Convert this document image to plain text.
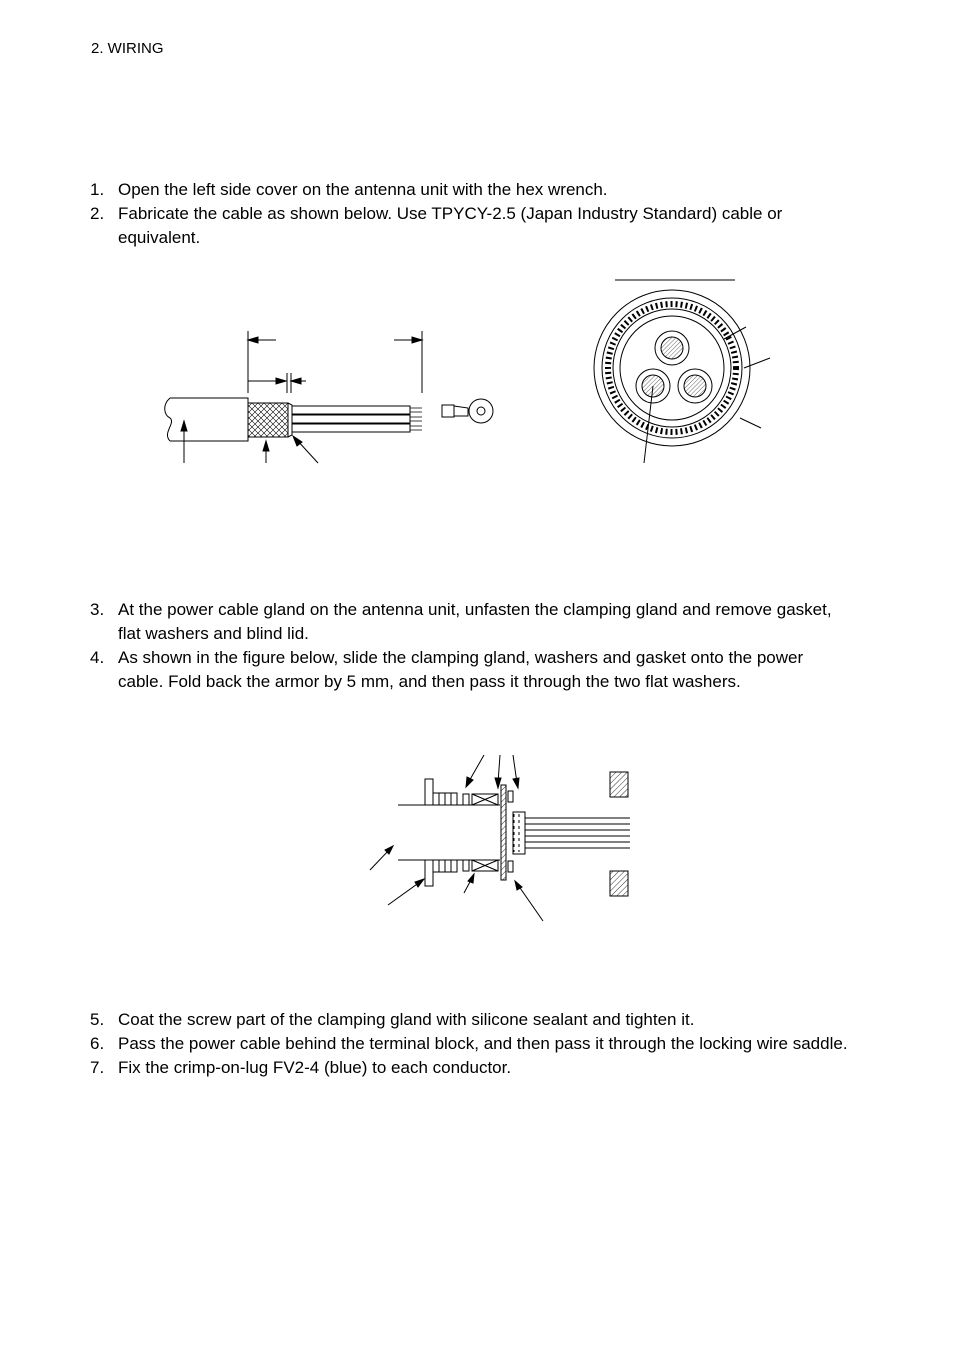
2. WIRING
1. Open the left side cover on the antenna unit with the hex wrench.
2. Fabricate the cable as shown below. Use TPYCY-2.5 (Japan Industry Standard) cable or equivalent.
3. At the power cable gland on the antenna unit, unfasten the clamping gland and remove gasket, flat washers and blind lid.
4. As shown in the figure below, slide the clamping gland, washers and gasket onto the power cable. Fold back the armor by 5 mm, and then pass it through the two flat washers.
5. Coat the screw part of the clamping gland with silicone sealant and tighten it.
6. Pass the power cable behind the terminal block, and then pass it through the locking wire saddle.
7. Fix the crimp-on-lug FV2-4 (blue) to each conductor.
